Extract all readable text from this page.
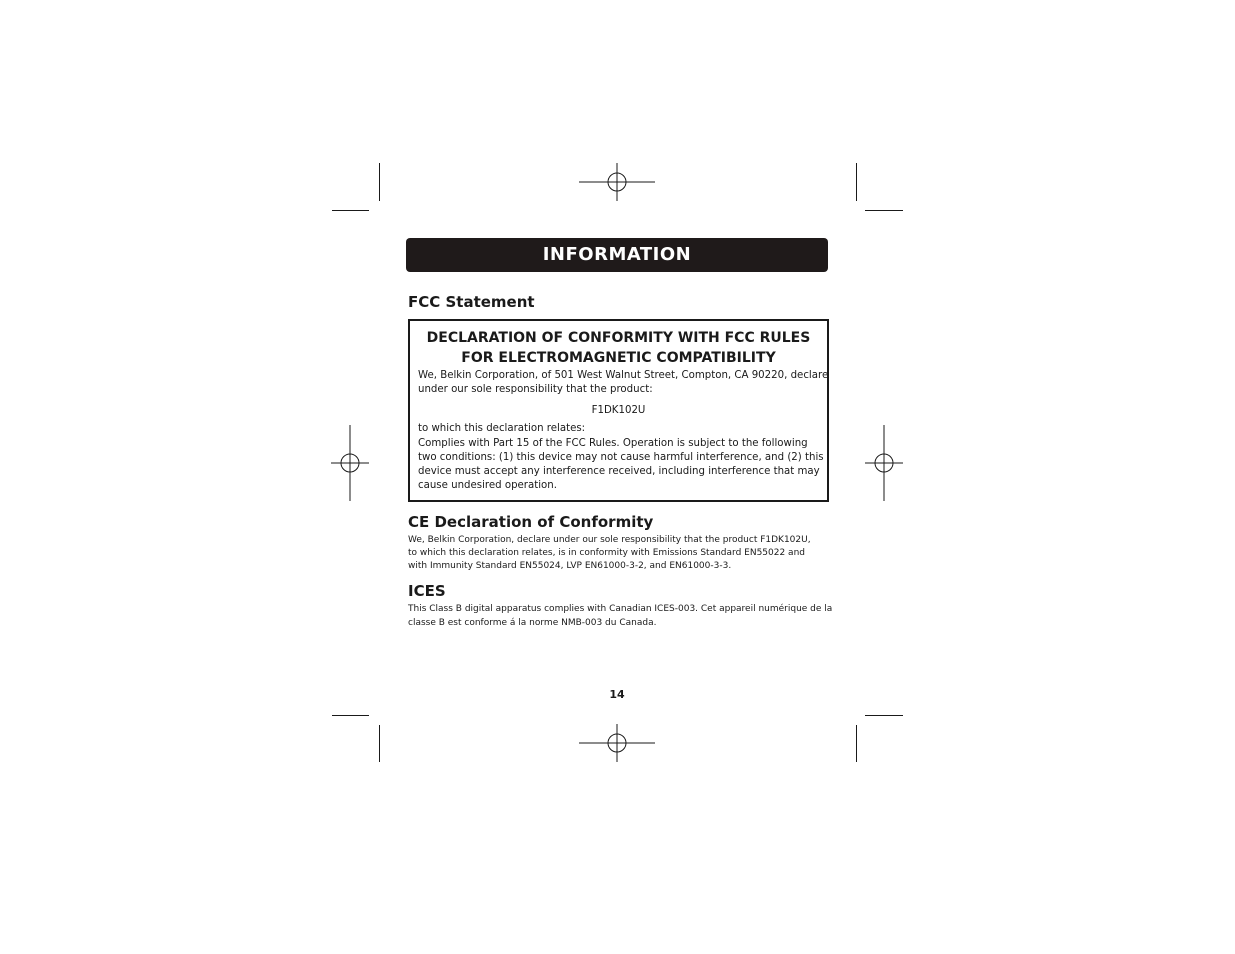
INFORMATION
FCC Statement
DECLARATION OF CONFORMITY WITH FCC RULES
FOR ELECTROMAGNETIC COMPATIBILITY
We, Belkin Corporation, of 501 West Walnut Street, Compton, CA 90220, declare
under our sole responsibility that the product:
F1DK102U
to which this declaration relates:
Complies with Part 15 of the FCC Rules. Operation is subject to the following
two conditions: (1) this device may not cause harmful interference, and (2) this
device must accept any interference received, including interference that may
cause undesired operation.
CE Declaration of Conformity
We, Belkin Corporation, declare under our sole responsibility that the product F1DK102U,
to which this declaration relates, is in conformity with Emissions Standard EN55022 and
with Immunity Standard EN55024, LVP EN61000-3-2, and EN61000-3-3.
ICES
This Class B digital apparatus complies with Canadian ICES-003. Cet appareil numérique de la
classe B est conforme á la norme NMB-003 du Canada.
14
